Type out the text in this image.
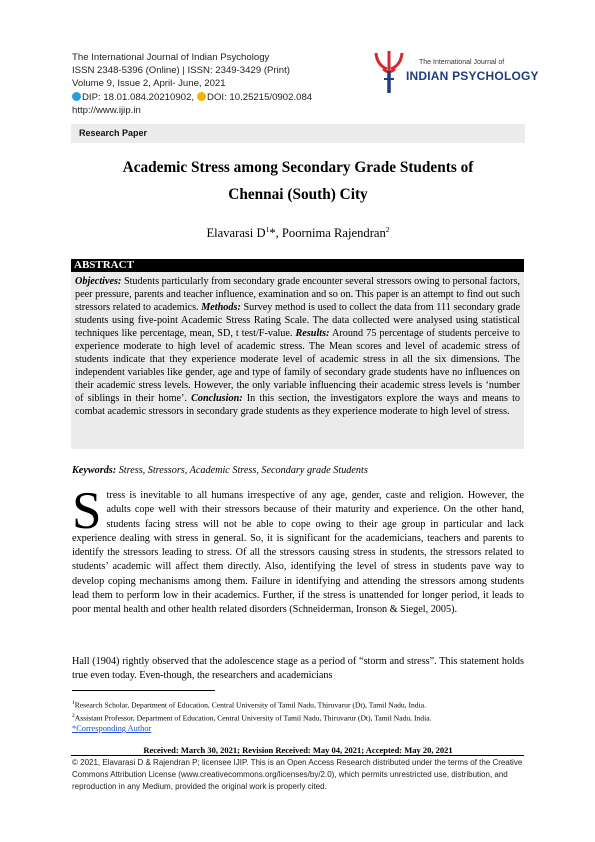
The International Journal of Indian Psychology
ISSN 2348-5396 (Online) | ISSN: 2349-3429 (Print)
Volume 9, Issue 2, April- June, 2021
DIP: 18.01.084.20210902, DOI: 10.25215/0902.084
http://www.ijip.in
The International Journal of
INDIAN PSYCHOLOGY
Research Paper
Academic Stress among Secondary Grade Students of
Chennai (South) City
Elavarasi $D^1*$, Poornima Rajendran$^2$
ABSTRACT
Objectives: Students particularly from secondary grade encounter several stressors owing to personal factors, peer pressure, parents and teacher influence, examination and so on. This paper is an attempt to find out such stressors related to academics. Methods: Survey method is used to collect the data from 111 secondary grade students using five-point Academic Stress Rating Scale. The data collected were analysed using statistical techniques like percentage, mean, SD, t test/F-value. Results: Around 75 percentage of students perceive to experience moderate to high level of academic stress. The Mean scores and level of academic stress of students indicate that they experience moderate level of academic stress in all the six dimensions. The independent variables like gender, age and type of family of secondary grade students have no influences on their academic stress levels. However, the only variable influencing their academic stress levels is ‘number of siblings in their home’. Conclusion: In this section, the investigators explore the ways and means to combat academic stressors in secondary grade students as they experience moderate to high level of stress.
Keywords: Stress, Stressors, Academic Stress, Secondary grade Students
Stress is inevitable to all humans irrespective of any age, gender, caste and religion. However, the adults cope well with their stressors because of their maturity and experience. On the other hand, students facing stress will not be able to cope owing to their age group in particular and lack experience dealing with stress in general. So, it is significant for the academicians, teachers and parents to identify the stressors leading to stress. Of all the stressors causing stress in students, the stressors related to students’ academic will affect them directly. Also, identifying the level of stress in students pave way to develop coping mechanisms among them. Failure in identifying and attending the stressors among students lead them to perform low in their academics. Further, if the stress is unattended for longer period, it leads to poor mental health and other health related disorders (Schneiderman, Ironson & Siegel, 2005).
Hall (1904) rightly observed that the adolescence stage as a period of “storm and stress”. This statement holds true even today. Even-though, the researchers and academicians
$^1$Research Scholar, Department of Education, Central University of Tamil Nadu, Thiruvarur (Dt), Tamil Nadu, India.
$^2$Assistant Professor, Department of Education, Central University of Tamil Nadu, Thiruvarur (Dt), Tamil Nadu, India.
*Corresponding Author
Received: March 30, 2021; Revision Received: May 04, 2021; Accepted: May 20, 2021
© 2021, Elavarasi D & Rajendran P; licensee IJIP. This is an Open Access Research distributed under the terms of the Creative Commons Attribution License (www.creativecommons.org/licenses/by/2.0), which permits unrestricted use, distribution, and reproduction in any Medium, provided the original work is properly cited.
